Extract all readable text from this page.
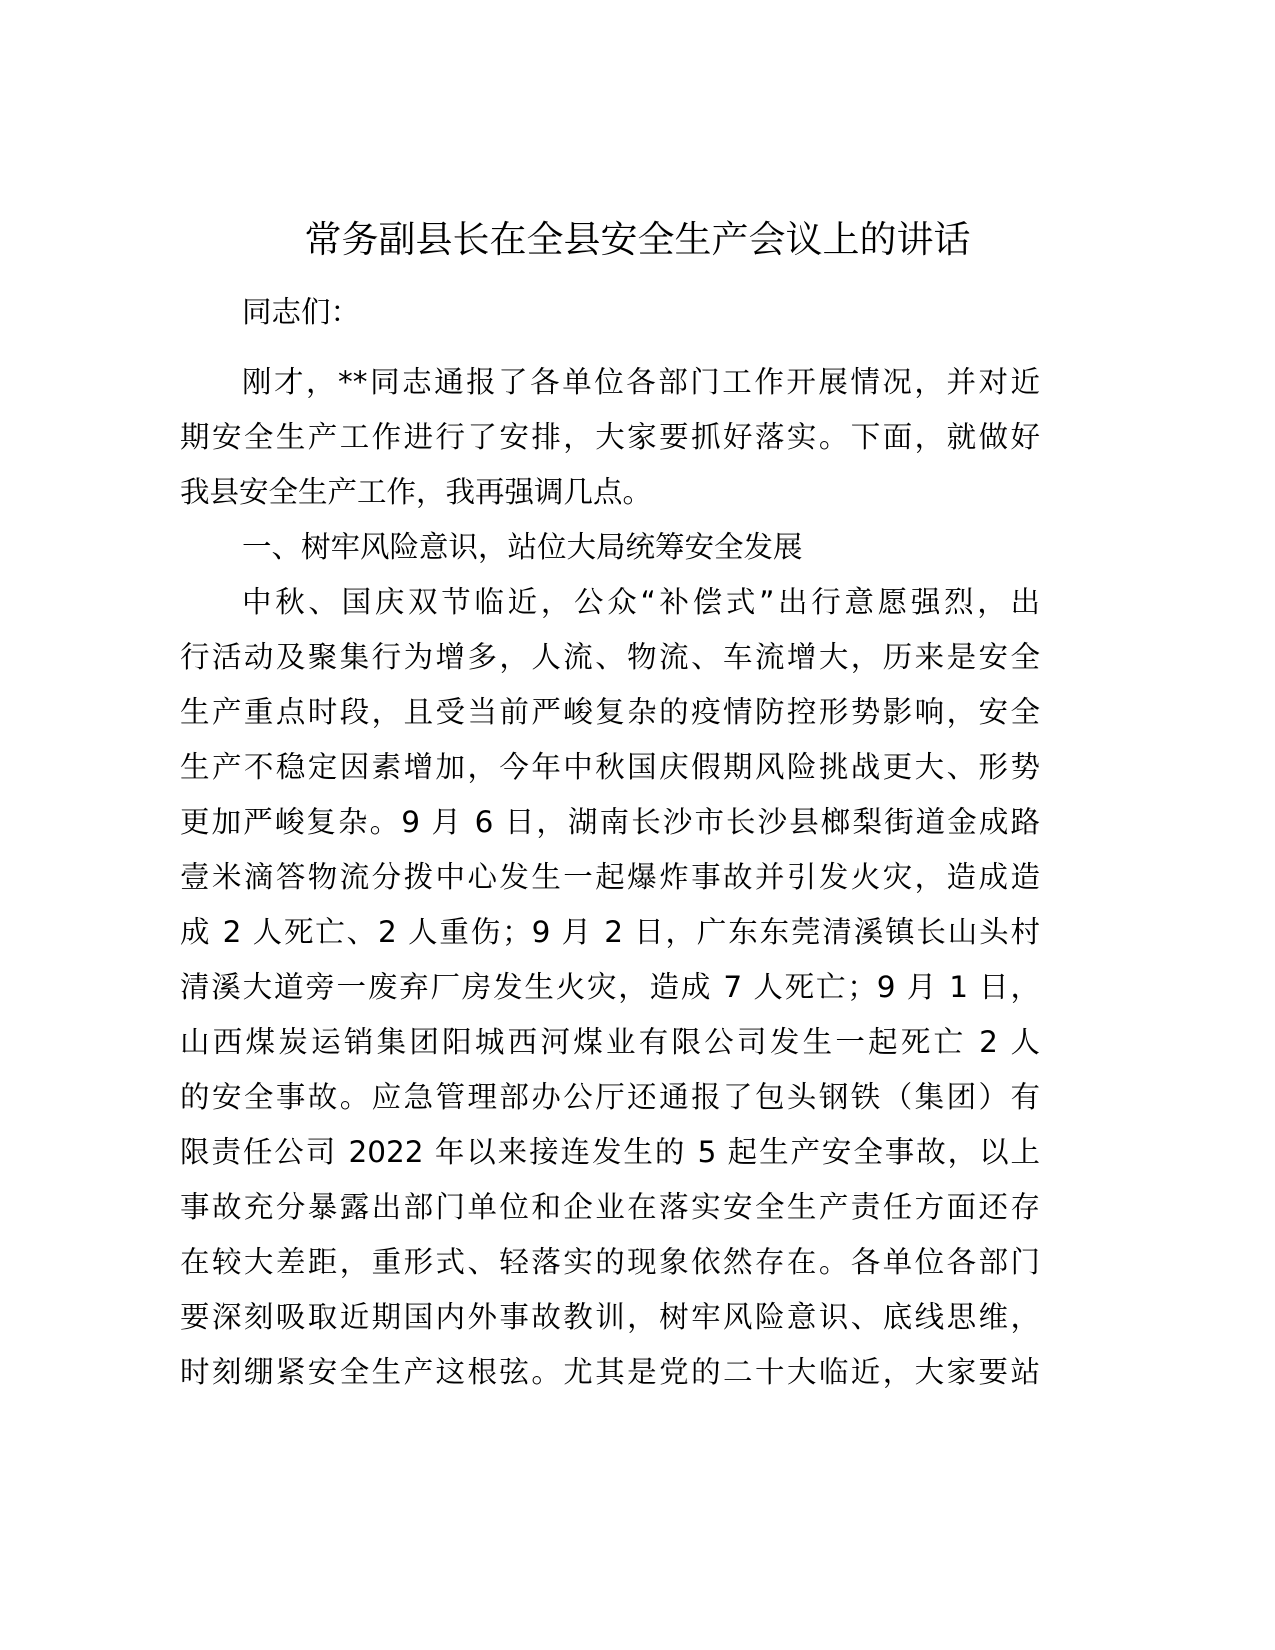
常务副县长在全县安全生产会议上的讲话
同志们：
刚才，**同志通报了各单位各部门工作开展情况，并对近
期安全生产工作进行了安排，大家要抓好落实。下面，就做好
我县安全生产工作，我再强调几点。
一、树牢风险意识，站位大局统筹安全发展
中秋、国庆双节临近，公众“补偿式”出行意愿强烈，出
行活动及聚集行为增多，人流、物流、车流增大，历来是安全
生产重点时段，且受当前严峻复杂的疫情防控形势影响，安全
生产不稳定因素增加，今年中秋国庆假期风险挑战更大、形势
更加严峻复杂。9 月 6 日，湖南长沙市长沙县榔梨街道金成路
壹米滴答物流分拨中心发生一起爆炸事故并引发火灾，造成造
成 2 人死亡、2 人重伤；9 月 2 日，广东东莞清溪镇长山头村
清溪大道旁一废弃厂房发生火灾，造成 7 人死亡；9 月 1 日，
山西煤炭运销集团阳城西河煤业有限公司发生一起死亡 2 人
的安全事故。应急管理部办公厅还通报了包头钢铁（集团）有
限责任公司 2022 年以来接连发生的 5 起生产安全事故，以上
事故充分暴露出部门单位和企业在落实安全生产责任方面还存
在较大差距，重形式、轻落实的现象依然存在。各单位各部门
要深刻吸取近期国内外事故教训，树牢风险意识、底线思维，
时刻绷紧安全生产这根弦。尤其是党的二十大临近，大家要站
